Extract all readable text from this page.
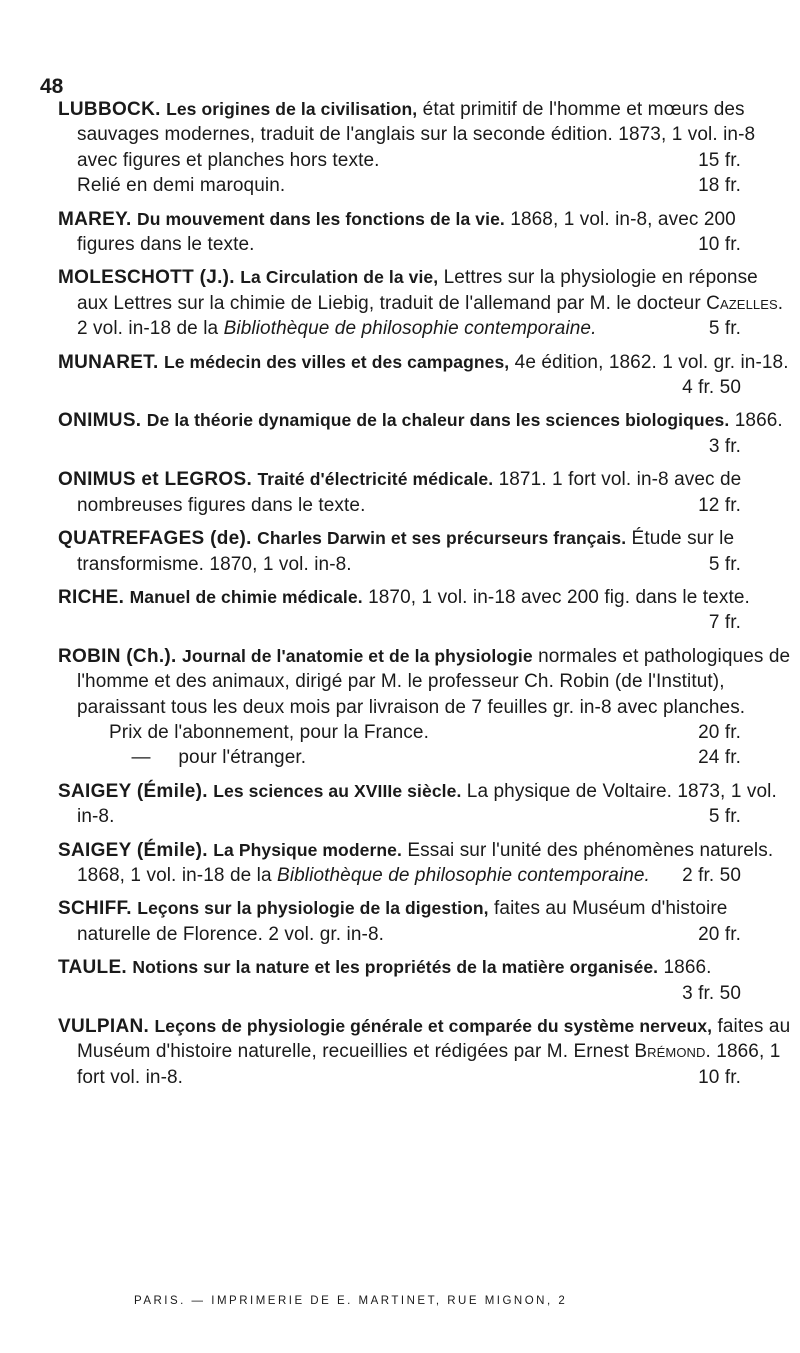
48
LUBBOCK. Les origines de la civilisation, état primitif de l'homme et mœurs des sauvages modernes, traduit de l'anglais sur la seconde édition. 1873, 1 vol. in-8 avec figures et planches hors texte.	15 fr.
Relié en demi maroquin.	18 fr.
MAREY. Du mouvement dans les fonctions de la vie. 1868, 1 vol. in-8, avec 200 figures dans le texte.	10 fr.
MOLESCHOTT (J.). La Circulation de la vie, Lettres sur la physiologie en réponse aux Lettres sur la chimie de Liebig, traduit de l'allemand par M. le docteur Cazelles. 2 vol. in-18 de la Bibliothèque de philosophie contemporaine.	5 fr.
MUNARET. Le médecin des villes et des campagnes, 4e édition, 1862. 1 vol. gr. in-18.
4 fr. 50
ONIMUS. De la théorie dynamique de la chaleur dans les sciences biologiques. 1866.
3 fr.
ONIMUS et LEGROS. Traité d'électricité médicale. 1871. 1 fort vol. in-8 avec de nombreuses figures dans le texte.	12 fr.
QUATREFAGES (de). Charles Darwin et ses précurseurs français. Étude sur le transformisme. 1870, 1 vol. in-8.	5 fr.
RICHE. Manuel de chimie médicale. 1870, 1 vol. in-18 avec 200 fig. dans le texte.
7 fr.
ROBIN (Ch.). Journal de l'anatomie et de la physiologie normales et pathologiques de l'homme et des animaux, dirigé par M. le professeur Ch. Robin (de l'Institut), paraissant tous les deux mois par livraison de 7 feuilles gr. in-8 avec planches.
Prix de l'abonnement, pour la France.	20 fr.
— pour l'étranger.	24 fr.
SAIGEY (Émile). Les sciences au XVIIIe siècle. La physique de Voltaire. 1873, 1 vol. in-8.	5 fr.
SAIGEY (Émile). La Physique moderne. Essai sur l'unité des phénomènes naturels. 1868, 1 vol. in-18 de la Bibliothèque de philosophie contemporaine. 2 fr. 50
SCHIFF. Leçons sur la physiologie de la digestion, faites au Muséum d'histoire naturelle de Florence. 2 vol. gr. in-8.	20 fr.
TAULE. Notions sur la nature et les propriétés de la matière organisée. 1866.
3 fr. 50
VULPIAN. Leçons de physiologie générale et comparée du système nerveux, faites au Muséum d'histoire naturelle, recueillies et rédigées par M. Ernest Brémond. 1866, 1 fort vol. in-8.	10 fr.
PARIS. — IMPRIMERIE DE E. MARTINET, RUE MIGNON, 2
